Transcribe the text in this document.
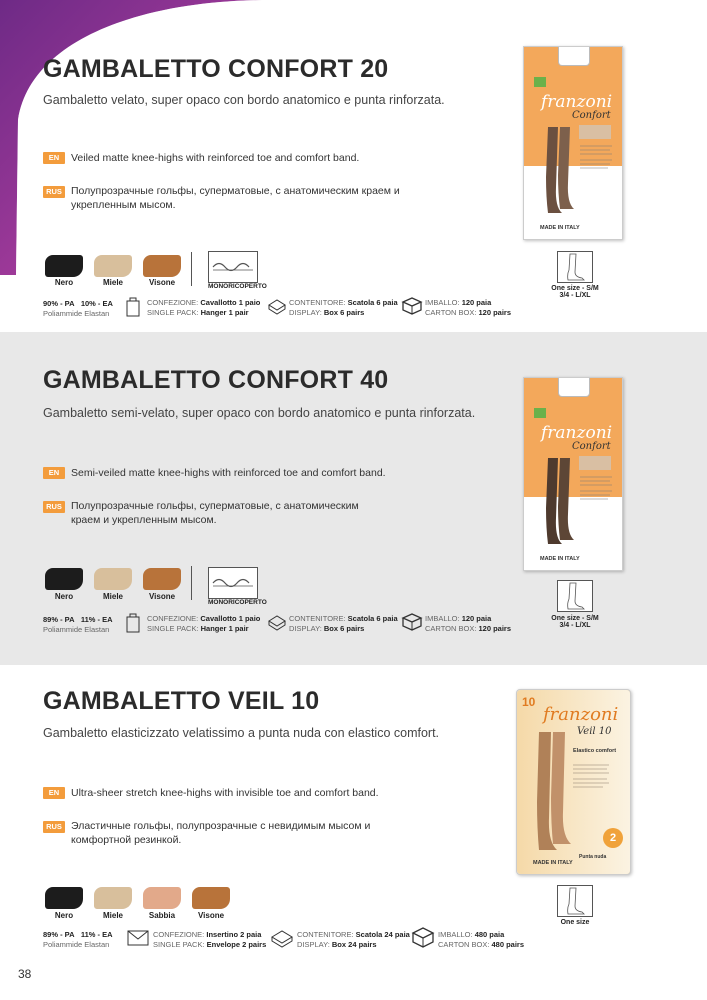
GAMBALETTO CONFORT 20
Gambaletto velato, super opaco con bordo anatomico e punta rinforzata.
EN	Veiled matte knee-highs with reinforced toe and comfort band.
RUS Полупрозрачные гольфы, суперматовые, с анатомическим краем и укрепленным мысом.
Nero	Miele	Visone	MONORICOPERTO
90% - PA 10% - EA
Poliammide Elastan
CONFEZIONE: Cavallotto 1 paio
SINGLE PACK: Hanger 1 pair
CONTENITORE: Scatola 6 paia
DISPLAY: Box 6 pairs
IMBALLO: 120 paia
CARTON BOX: 120 pairs
franzoni
Confort
MADE IN ITALY
One size - S/M
3/4 - L/XL
GAMBALETTO CONFORT 40
Gambaletto semi-velato, super opaco con bordo anatomico e punta rinforzata.
EN	Semi-veiled matte knee-highs with reinforced toe and comfort band.
RUS Полупрозрачные гольфы, суперматовые, с анатомическим краем и укрепленным мысом.
Nero	Miele	Visone
MONORICOPERTO
89% - PA 11% - EA
Poliammide Elastan
CONFEZIONE: Cavallotto 1 paio
SINGLE PACK: Hanger 1 pair
CONTENITORE: Scatola 6 paia
DISPLAY: Box 6 pairs
IMBALLO: 120 paia
CARTON BOX: 120 pairs
franzoni
Confort
MADE IN ITALY
One size - S/M
3/4 - L/XL
GAMBALETTO VEIL 10
Gambaletto elasticizzato velatissimo a punta nuda con elastico comfort.
EN	Ultra-sheer stretch knee-highs with invisible toe and comfort band.
RUS Эластичные гольфы, полупрозрачные с невидимым мысом и комфортной резинкой.
Nero	Miele	Sabbia	Visone
89% - PA 11% - EA
Poliammide Elastan
CONFEZIONE: Insertino 2 paia
SINGLE PACK: Envelope 2 pairs
CONTENITORE: Scatola 24 paia
DISPLAY: Box 24 pairs
IMBALLO: 480 paia
CARTON BOX: 480 pairs
10
franzoni
Veil 10
Elastico comfort
2
Punta nuda
MADE IN ITALY
One size
38
